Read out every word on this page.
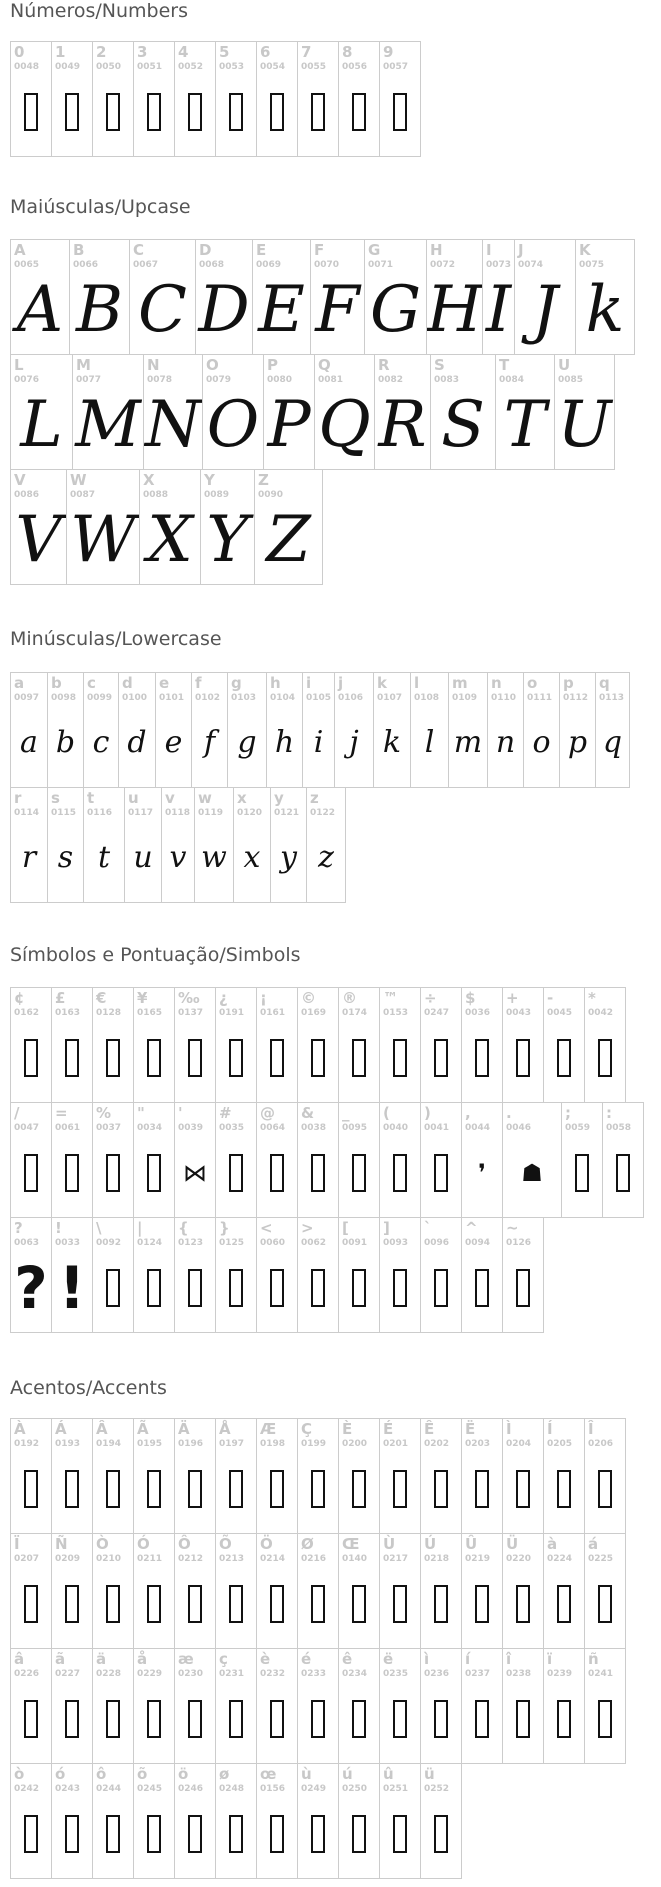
Números/Numbers
0
0048
1
0049
2
0050
3
0051
4
0052
5
0053
6
0054
7
0055
8
0056
9
0057
Maiúsculas/Upcase
A
0065
A
B
0066
B
C
0067
C
D
0068
D
E
0069
E
F
0070
F
G
0071
G
H
0072
H
I
0073
I
J
0074
J
K
0075
k
L
0076
L
M
0077
M
N
0078
N
O
0079
O
P
0080
P
Q
0081
Q
R
0082
R
S
0083
S
T
0084
T
U
0085
U
V
0086
V
W
0087
W
X
0088
X
Y
0089
Y
Z
0090
Z
Minúsculas/Lowercase
a
0097
a
b
0098
b
c
0099
c
d
0100
d
e
0101
e
f
0102
f
g
0103
g
h
0104
h
i
0105
i
j
0106
j
k
0107
k
l
0108
l
m
0109
m
n
0110
n
o
0111
o
p
0112
p
q
0113
q
r
0114
r
s
0115
s
t
0116
t
u
0117
u
v
0118
v
w
0119
w
x
0120
x
y
0121
y
z
0122
z
Símbolos e Pontuação/Simbols
¢
0162
£
0163
€
0128
¥
0165
‰
0137
¿
0191
¡
0161
©
0169
®
0174
™
0153
÷
0247
$
0036
+
0043
-
0045
*
0042
/
0047
=
0061
%
0037
"
0034
'
0039
⋈
#
0035
@
0064
&
0038
_
0095
(
0040
)
0041
,
0044
❜
.
0046
☗
;
0059
:
0058
?
0063
?
!
0033
!
\
0092
|
0124
{
0123
}
0125
<
0060
>
0062
[
0091
]
0093
`
0096
^
0094
~
0126
Acentos/Accents
À
0192
Á
0193
Â
0194
Ã
0195
Ä
0196
Å
0197
Æ
0198
Ç
0199
È
0200
É
0201
Ê
0202
Ë
0203
Ì
0204
Í
0205
Î
0206
Ï
0207
Ñ
0209
Ò
0210
Ó
0211
Ô
0212
Õ
0213
Ö
0214
Ø
0216
Œ
0140
Ù
0217
Ú
0218
Û
0219
Ü
0220
à
0224
á
0225
â
0226
ã
0227
ä
0228
å
0229
æ
0230
ç
0231
è
0232
é
0233
ê
0234
ë
0235
ì
0236
í
0237
î
0238
ï
0239
ñ
0241
ò
0242
ó
0243
ô
0244
õ
0245
ö
0246
ø
0248
œ
0156
ù
0249
ú
0250
û
0251
ü
0252
